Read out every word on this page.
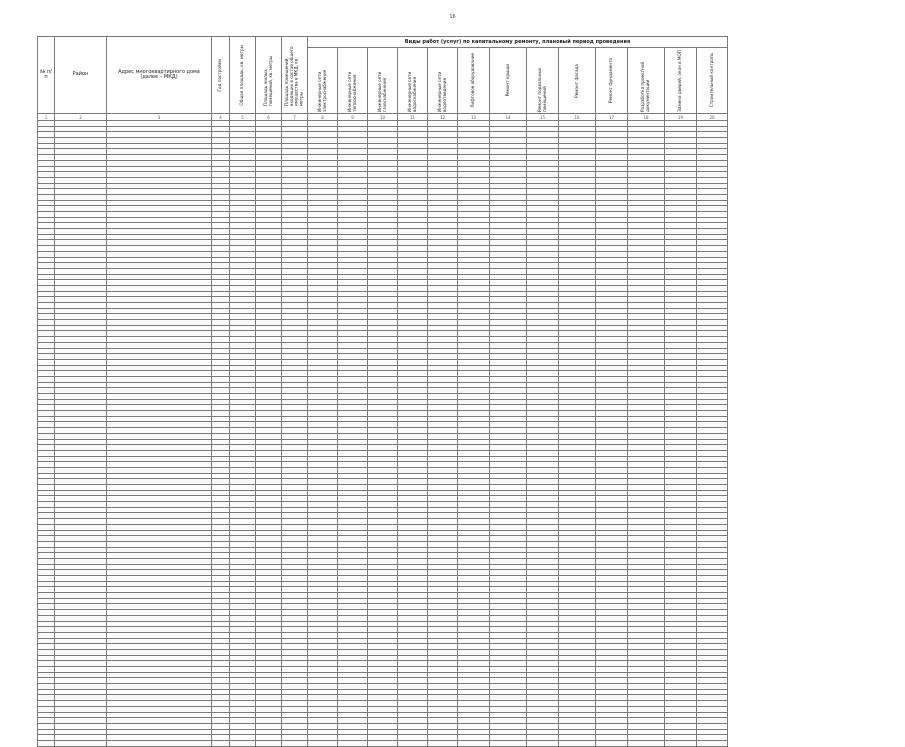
16
№ п/п	Район	Адрес многоквартирного дома (далее – МКД)	Год постройки	Общая площадь, кв. метры	Площадь жилых помещений, кв. метры	Площадь помещений, входящих в состав общего имущества в МКД, кв. метры	Виды работ (услуг) по капитальному ремонту, плановый период проведения												

							Инженерные сети электроснабжения	Инженерные сети теплоснабжения	Инженерные сети газоснабжения	Инженерные сети водоснабжения	Инженерные сети водоотведения	Лифтовое оборудование	Ремонт крыши	Ремонт подвальных помещений	Ремонт фасада	Ремонт фундамента	Разработка проектной документации	Замена дверей, окон в МОП	Строительный контроль

1	2	3	4	5	6	7	8	9	10	11	12	13	14	15	16	17	18	19	20
